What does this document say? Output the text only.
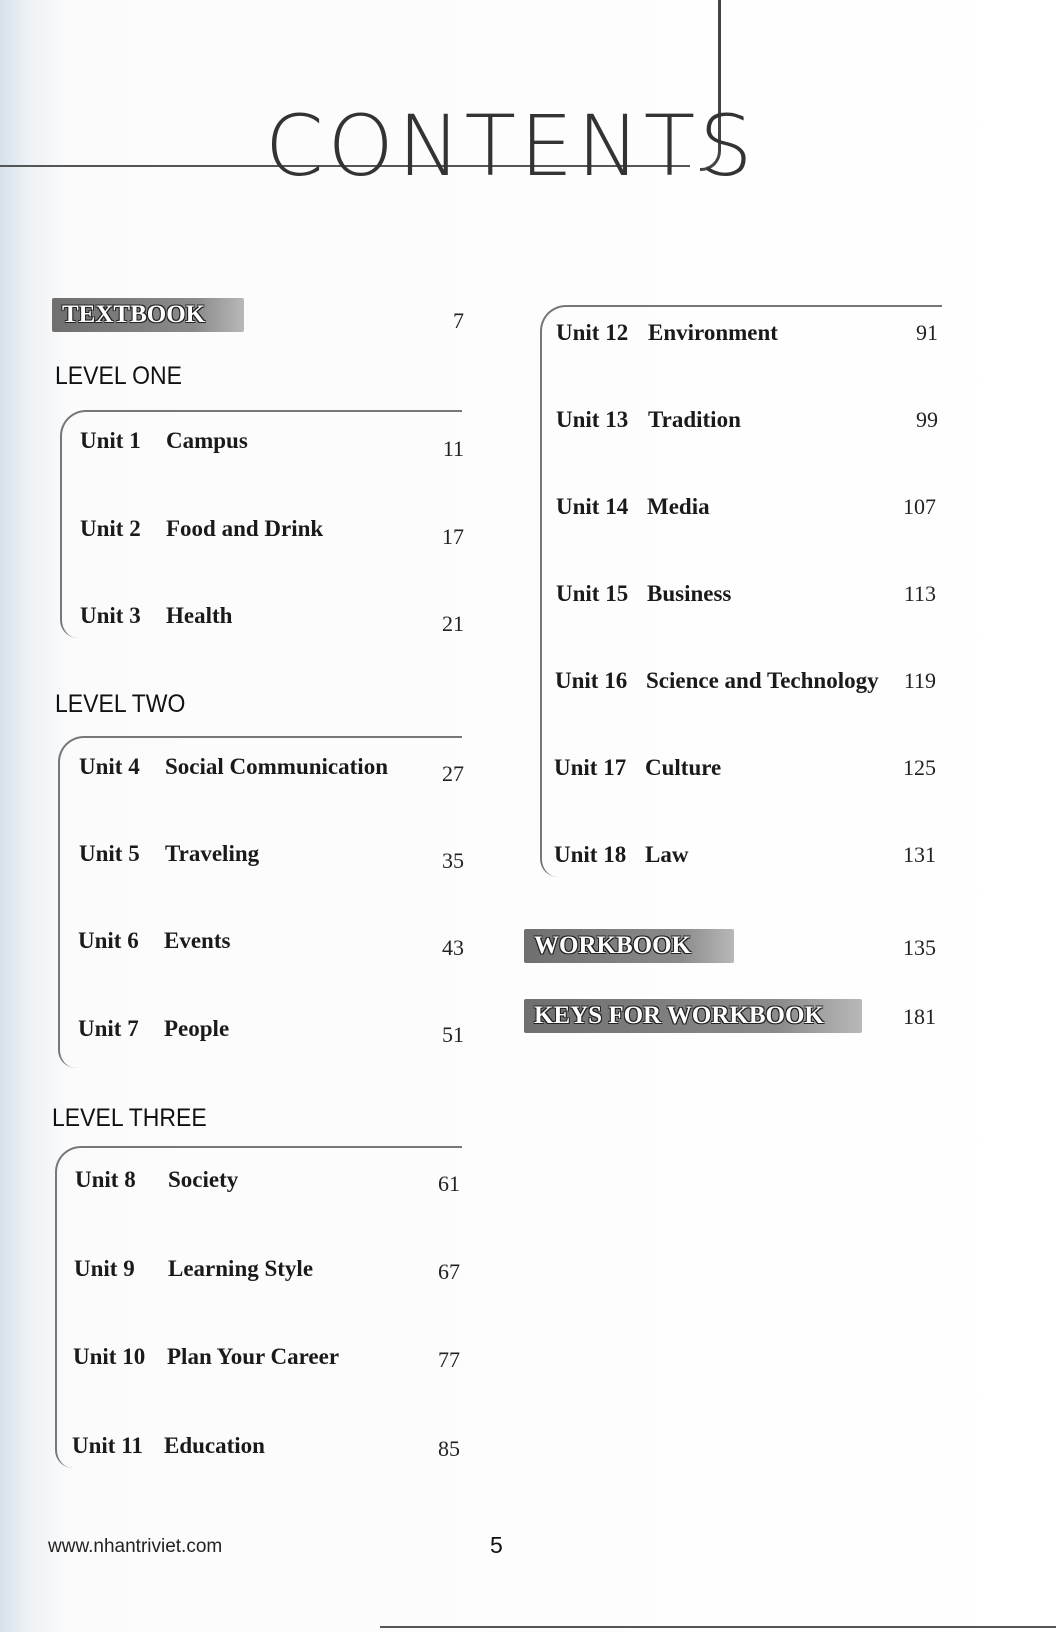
CONTENTS
TEXTBOOK	7
LEVEL ONE
Unit 1 Campus	11
Unit 2 Food and Drink	17
Unit 3 Health	21
LEVEL TWO
Unit 4 Social Communication	27
Unit 5 Traveling	35
Unit 6 Events	43
Unit 7 People	51
LEVEL THREE
Unit 8 Society	61
Unit 9 Learning Style	67
Unit 10 Plan Your Career	77
Unit 11 Education	85
Unit 12 Environment	91
Unit 13 Tradition	99
Unit 14 Media	107
Unit 15 Business	113
Unit 16 Science and Technology	119
Unit 17 Culture	125
Unit 18 Law	131
WORKBOOK	135
KEYS FOR WORKBOOK	181
www.nhantriviet.com	5
